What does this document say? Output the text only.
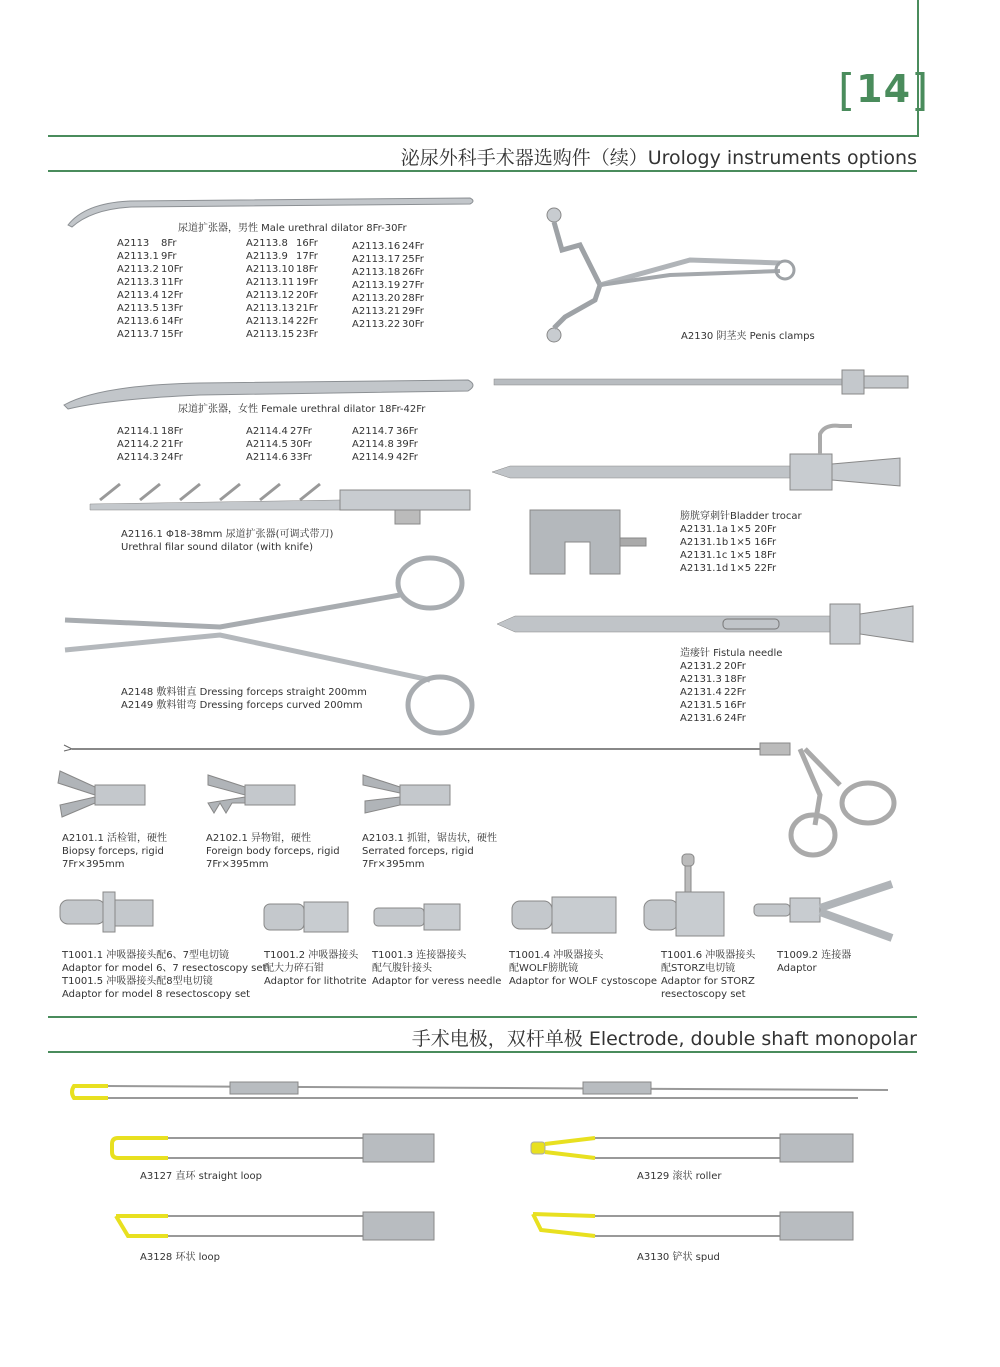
[14]
泌尿外科手术器选购件（续）Urology instruments options
手术电极，双杆单极 Electrode, double shaft monopolar
尿道扩张器，男性 Male urethral dilator 8Fr-30Fr
A2113 8Fr
A2113.1 9Fr
A2113.2 10Fr
A2113.3 11Fr
A2113.4 12Fr
A2113.5 13Fr
A2113.6 14Fr
A2113.7 15Fr
A2113.8 16Fr
A2113.9 17Fr
A2113.10 18Fr
A2113.11 19Fr
A2113.12 20Fr
A2113.13 21Fr
A2113.14 22Fr
A2113.15 23Fr
A2113.16 24Fr
A2113.17 25Fr
A2113.18 26Fr
A2113.19 27Fr
A2113.20 28Fr
A2113.21 29Fr
A2113.22 30Fr
A2130 阴茎夹 Penis clamps
尿道扩张器，女性 Female urethral dilator 18Fr-42Fr
A2114.1 18Fr
A2114.2 21Fr
A2114.3 24Fr
A2114.4 27Fr
A2114.5 30Fr
A2114.6 33Fr
A2114.7 36Fr
A2114.8 39Fr
A2114.9 42Fr
膀胱穿刺针Bladder trocar
A2131.1a 1×5 20Fr
A2131.1b 1×5 16Fr
A2131.1c 1×5 18Fr
A2131.1d 1×5 22Fr
造瘘针 Fistula needle
A2131.2 20Fr
A2131.3 18Fr
A2131.4 22Fr
A2131.5 16Fr
A2131.6 24Fr
A2116.1 Φ18-38mm 尿道扩张器(可调式带刀)
Urethral filar sound dilator (with knife)
A2148 敷料钳直 Dressing forceps straight 200mm
A2149 敷料钳弯 Dressing forceps curved 200mm
A2101.1 活检钳，硬性
Biopsy forceps, rigid
7Fr×395mm
A2102.1 异物钳，硬性
Foreign body forceps, rigid
7Fr×395mm
A2103.1 抓钳，锯齿状，硬性
Serrated forceps, rigid
7Fr×395mm
T1001.1 冲吸器接头配6、7型电切镜
Adaptor for model 6、7 resectoscopy set
T1001.5 冲吸器接头配8型电切镜
Adaptor for model 8 resectoscopy set
T1001.2 冲吸器接头
配大力碎石钳
Adaptor for lithotrite
T1001.3 连接器接头
配气腹针接头
Adaptor for veress needle
T1001.4 冲吸器接头
配WOLF膀胱镜
Adaptor for WOLF cystoscope
T1001.6 冲吸器接头
配STORZ电切镜
Adaptor for STORZ
resectoscopy set
T1009.2 连接器
Adaptor
A3127 直环 straight loop	A3129 滚状 roller
A3128 环状 loop	A3130 铲状 spud
